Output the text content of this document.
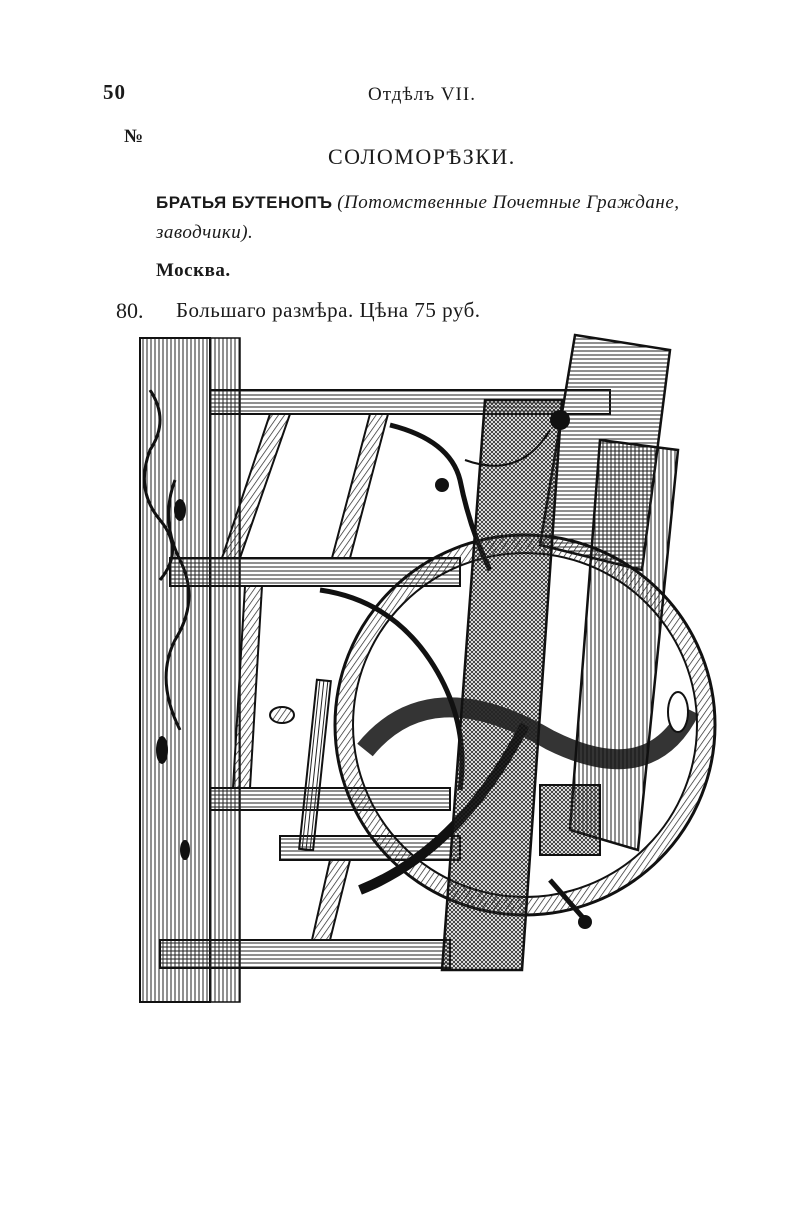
50	Отдѣлъ VII.
№
СОЛОМОРѢЗКИ.
БРАТЬЯ БУТЕНОПЪ (Потомственные Почетные Граждане,
заводчики).
Москва.
80. Большаго размѣра. Цѣна 75 руб.
